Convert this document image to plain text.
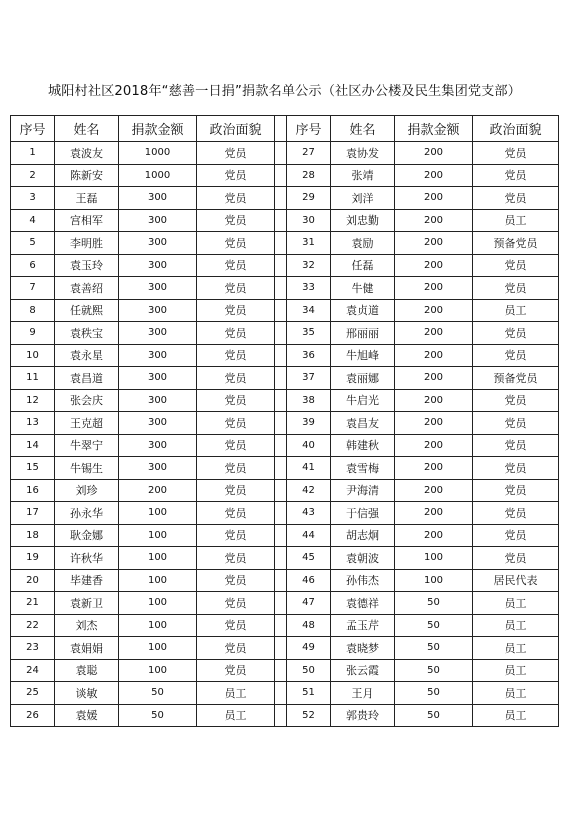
城阳村社区2018年“慈善一日捐”捐款名单公示（社区办公楼及民生集团党支部）
序号	姓名	捐款金额	政治面貌		序号	姓名	捐款金额	政治面貌
1	袁波友	1000	党员		27	袁协发	200	党员
2	陈新安	1000	党员		28	张靖	200	党员
3	王磊	300	党员		29	刘洋	200	党员
4	宫相军	300	党员		30	刘忠勤	200	员工
5	李明胜	300	党员		31	袁励	200	预备党员
6	袁玉玲	300	党员		32	任磊	200	党员
7	袁善绍	300	党员		33	牛健	200	党员
8	任就熙	300	党员		34	袁贞道	200	员工
9	袁秩宝	300	党员		35	邢丽丽	200	党员
10	袁永星	300	党员		36	牛旭峰	200	党员
11	袁昌道	300	党员		37	袁丽娜	200	预备党员
12	张会庆	300	党员		38	牛启光	200	党员
13	王克超	300	党员		39	袁昌友	200	党员
14	牛翠宁	300	党员		40	韩建秋	200	党员
15	牛锡生	300	党员		41	袁雪梅	200	党员
16	刘珍	200	党员		42	尹海清	200	党员
17	孙永华	100	党员		43	于信强	200	党员
18	耿金娜	100	党员		44	胡志炯	200	党员
19	许秋华	100	党员		45	袁朝波	100	党员
20	毕建香	100	党员		46	孙伟杰	100	居民代表
21	袁新卫	100	党员		47	袁德祥	50	员工
22	刘杰	100	党员		48	孟玉芹	50	员工
23	袁娟娟	100	党员		49	袁晓梦	50	员工
24	袁聪	100	党员		50	张云霞	50	员工
25	谈敏	50	员工		51	王月	50	员工
26	袁媛	50	员工		52	郭贵玲	50	员工
